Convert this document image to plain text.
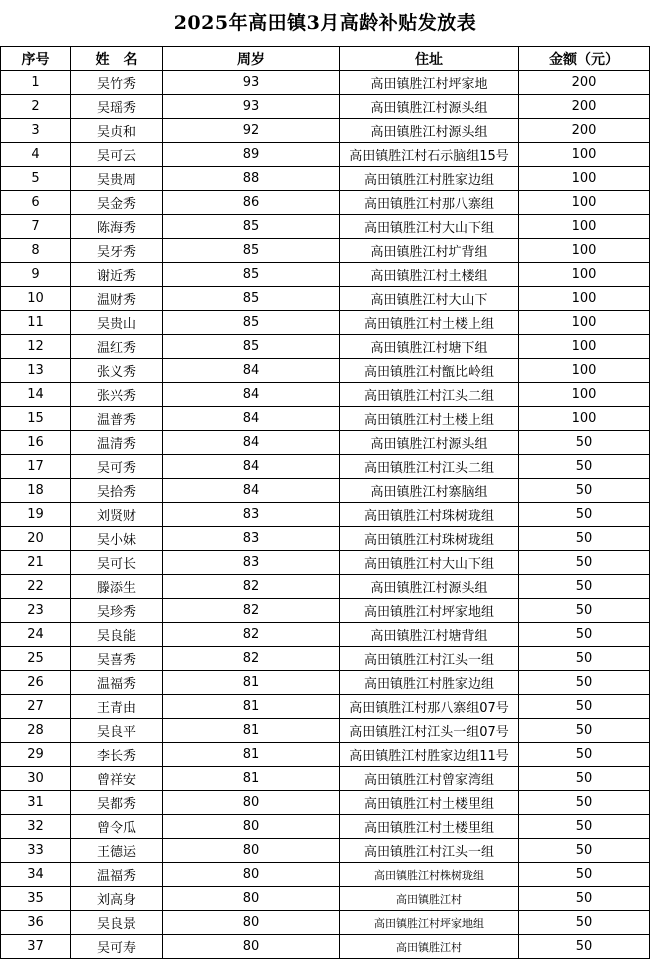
2025年高田镇3月高龄补贴发放表
序号	姓　名	周岁	住址	金额（元）
1	吴竹秀	93	高田镇胜江村坪家地	200
2	吴瑶秀	93	高田镇胜江村源头组	200
3	吴贞和	92	高田镇胜江村源头组	200
4	吴可云	89	高田镇胜江村石示脑组15号	100
5	吴贵周	88	高田镇胜江村胜家边组	100
6	吴金秀	86	高田镇胜江村那八寨组	100
7	陈海秀	85	高田镇胜江村大山下组	100
8	吴牙秀	85	高田镇胜江村圹背组	100
9	谢近秀	85	高田镇胜江村土楼组	100
10	温财秀	85	高田镇胜江村大山下	100
11	吴贵山	85	高田镇胜江村土楼上组	100
12	温红秀	85	高田镇胜江村塘下组	100
13	张义秀	84	高田镇胜江村甑比岭组	100
14	张兴秀	84	高田镇胜江村江头二组	100
15	温普秀	84	高田镇胜江村土楼上组	100
16	温清秀	84	高田镇胜江村源头组	50
17	吴可秀	84	高田镇胜江村江头二组	50
18	吴拾秀	84	高田镇胜江村寨脑组	50
19	刘贤财	83	高田镇胜江村珠树珑组	50
20	吴小妹	83	高田镇胜江村珠树珑组	50
21	吴可长	83	高田镇胜江村大山下组	50
22	滕添生	82	高田镇胜江村源头组	50
23	吴珍秀	82	高田镇胜江村坪家地组	50
24	吴良能	82	高田镇胜江村塘背组	50
25	吴喜秀	82	高田镇胜江村江头一组	50
26	温福秀	81	高田镇胜江村胜家边组	50
27	王青由	81	高田镇胜江村那八寨组07号	50
28	吴良平	81	高田镇胜江村江头一组07号	50
29	李长秀	81	高田镇胜江村胜家边组11号	50
30	曾祥安	81	高田镇胜江村曾家湾组	50
31	吴都秀	80	高田镇胜江村土楼里组	50
32	曾令瓜	80	高田镇胜江村土楼里组	50
33	王德运	80	高田镇胜江村江头一组	50
34	温福秀	80	高田镇胜江村株树珑组	50
35	刘高身	80	高田镇胜江村	50
36	吴良景	80	高田镇胜江村坪家地组	50
37	吴可寿	80	高田镇胜江村	50
